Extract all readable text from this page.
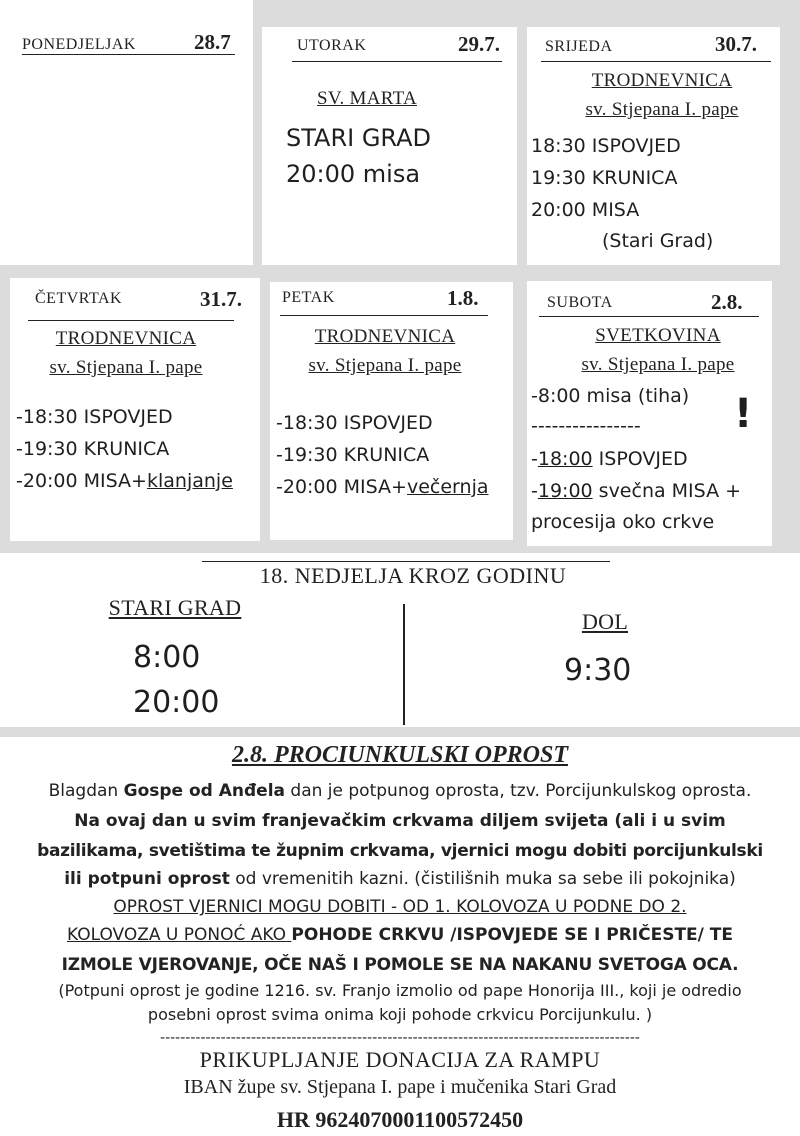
PONEDJELJAK	28.7	UTORAK	29.7.
SV. MARTA
STARI GRAD
20:00 misa
SRIJEDA	30.7.
TRODNEVNICA
sv. Stjepana I. pape
18:30 ISPOVJED
19:30 KRUNICA
20:00 MISA
(Stari Grad)
ČETVRTAK	31.7.
TRODNEVNICA
sv. Stjepana I. pape
-18:30 ISPOVJED
-19:30 KRUNICA
-20:00 MISA+klanjanje
PETAK	1.8.
TRODNEVNICA
sv. Stjepana I. pape
-18:30 ISPOVJED
-19:30 KRUNICA
-20:00 MISA+večernja
SUBOTA	2.8.
SVETKOVINA
sv. Stjepana I. pape
-8:00 misa (tiha)
---------------- !
-18:00 ISPOVJED
-19:00 svečna MISA +
procesija oko crkve
18. NEDJELJA KROZ GODINU
STARI GRAD
8:00
20:00
DOL
9:30
2.8. PROCIUNKULSKI OPROST
Blagdan Gospe od Anđela dan je potpunog oprosta, tzv. Porcijunkulskog oprosta.
Na ovaj dan u svim franjevačkim crkvama diljem svijeta (ali i u svim
bazilikama, svetištima te župnim crkvama, vjernici mogu dobiti porcijunkulski
ili potpuni oprost od vremenitih kazni. (čistilišnih muka sa sebe ili pokojnika)
OPROST VJERNICI MOGU DOBITI - OD 1. KOLOVOZA U PODNE DO 2.
KOLOVOZA U PONOĆ AKO POHODE CRKVU /ISPOVJEDE SE I PRIČESTE/ TE
IZMOLE VJEROVANJE, OČE NAŠ I POMOLE SE NA NAKANU SVETOGA OCA.
(Potpuni oprost je godine 1216. sv. Franjo izmolio od pape Honorija III., koji je odredio
posebni oprost svima onima koji pohode crkvicu Porcijunkulu. )
-----------------------------------------------------------------------------------------------
PRIKUPLJANJE DONACIJA ZA RAMPU
IBAN župe sv. Stjepana I. pape i mučenika Stari Grad
HR 9624070001100572450
